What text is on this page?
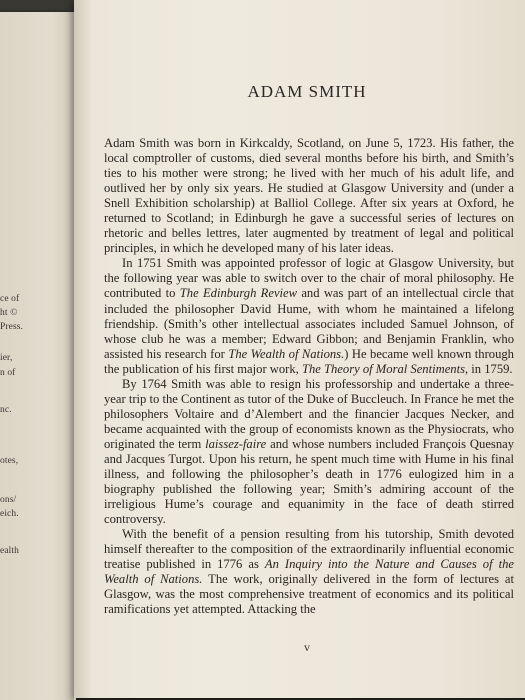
ce of
ht ©
Press.
ier,
n of
nc.
otes,
ons/
eich.
ealth
ADAM SMITH

Adam Smith was born in Kirkcaldy, Scotland, on June 5, 1723. His father, the local comptroller of customs, died several months before his birth, and Smith’s ties to his mother were strong; he lived with her much of his adult life, and outlived her by only six years. He studied at Glasgow University and (under a Snell Exhibition scholarship) at Balliol College. After six years at Oxford, he returned to Scotland; in Edinburgh he gave a successful series of lectures on rhetoric and belles lettres, later augmented by treatment of legal and political principles, in which he developed many of his later ideas.

In 1751 Smith was appointed professor of logic at Glasgow University, but the following year was able to switch over to the chair of moral philosophy. He contributed to The Edinburgh Review and was part of an intellectual circle that included the philosopher David Hume, with whom he maintained a lifelong friendship. (Smith’s other intellectual associates included Samuel Johnson, of whose club he was a member; Edward Gibbon; and Benjamin Franklin, who assisted his research for The Wealth of Nations.) He became well known through the publication of his first major work, The Theory of Moral Sentiments, in 1759.

By 1764 Smith was able to resign his professorship and undertake a three-year trip to the Continent as tutor of the Duke of Buccleuch. In France he met the philosophers Voltaire and d’Alembert and the financier Jacques Necker, and became acquainted with the group of economists known as the Physiocrats, who originated the term laissez-faire and whose numbers included François Quesnay and Jacques Turgot. Upon his return, he spent much time with Hume in his final illness, and following the philosopher’s death in 1776 eulogized him in a biography published the following year; Smith’s admiring account of the irreligious Hume’s courage and equanimity in the face of death stirred controversy.

With the benefit of a pension resulting from his tutorship, Smith devoted himself thereafter to the composition of the extraordinarily influential economic treatise published in 1776 as An Inquiry into the Nature and Causes of the Wealth of Nations. The work, originally delivered in the form of lectures at Glasgow, was the most comprehensive treatment of economics and its political ramifications yet attempted. Attacking the

v
